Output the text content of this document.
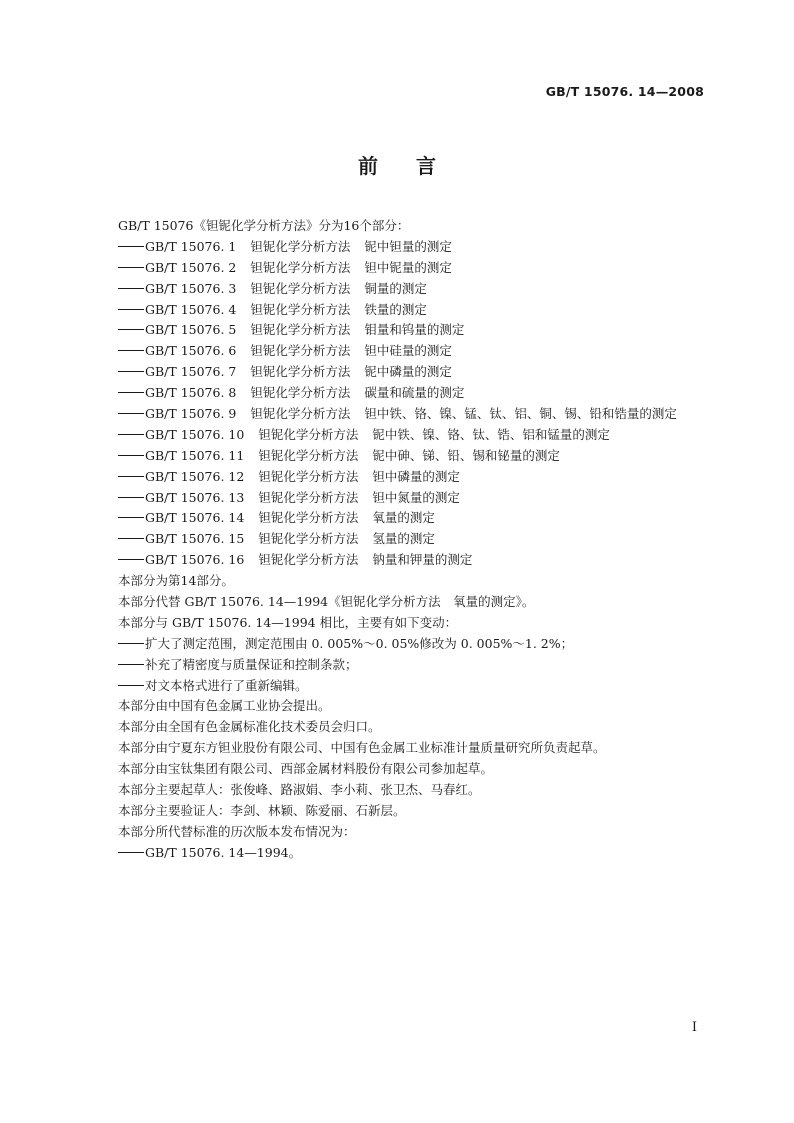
GB/T 15076. 14—2008
前言
GB/T 15076《钽铌化学分析方法》分为16个部分：
GB/T 15076. 1 钽铌化学分析方法 铌中钽量的测定
GB/T 15076. 2 钽铌化学分析方法 钽中铌量的测定
GB/T 15076. 3 钽铌化学分析方法 铜量的测定
GB/T 15076. 4 钽铌化学分析方法 铁量的测定
GB/T 15076. 5 钽铌化学分析方法 钼量和钨量的测定
GB/T 15076. 6 钽铌化学分析方法 钽中硅量的测定
GB/T 15076. 7 钽铌化学分析方法 铌中磷量的测定
GB/T 15076. 8 钽铌化学分析方法 碳量和硫量的测定
GB/T 15076. 9 钽铌化学分析方法 钽中铁、铬、镍、锰、钛、铝、铜、锡、铅和锆量的测定
GB/T 15076. 10 钽铌化学分析方法 铌中铁、镍、铬、钛、锆、铝和锰量的测定
GB/T 15076. 11 钽铌化学分析方法 铌中砷、锑、铅、锡和铋量的测定
GB/T 15076. 12 钽铌化学分析方法 钽中磷量的测定
GB/T 15076. 13 钽铌化学分析方法 钽中氮量的测定
GB/T 15076. 14 钽铌化学分析方法 氧量的测定
GB/T 15076. 15 钽铌化学分析方法 氢量的测定
GB/T 15076. 16 钽铌化学分析方法 钠量和钾量的测定
本部分为第14部分。
本部分代替 GB/T 15076. 14—1994《钽铌化学分析方法　氧量的测定》。
本部分与 GB/T 15076. 14—1994 相比，主要有如下变动：
扩大了测定范围，测定范围由 0. 005%～0. 05%修改为 0. 005%～1. 2%；
补充了精密度与质量保证和控制条款；
对文本格式进行了重新编辑。
本部分由中国有色金属工业协会提出。
本部分由全国有色金属标准化技术委员会归口。
本部分由宁夏东方钽业股份有限公司、中国有色金属工业标准计量质量研究所负责起草。
本部分由宝钛集团有限公司、西部金属材料股份有限公司参加起草。
本部分主要起草人：张俊峰、路淑娟、李小莉、张卫杰、马春红。
本部分主要验证人：李剑、林颖、陈爱丽、石新层。
本部分所代替标准的历次版本发布情况为：
GB/T 15076. 14—1994。
I
